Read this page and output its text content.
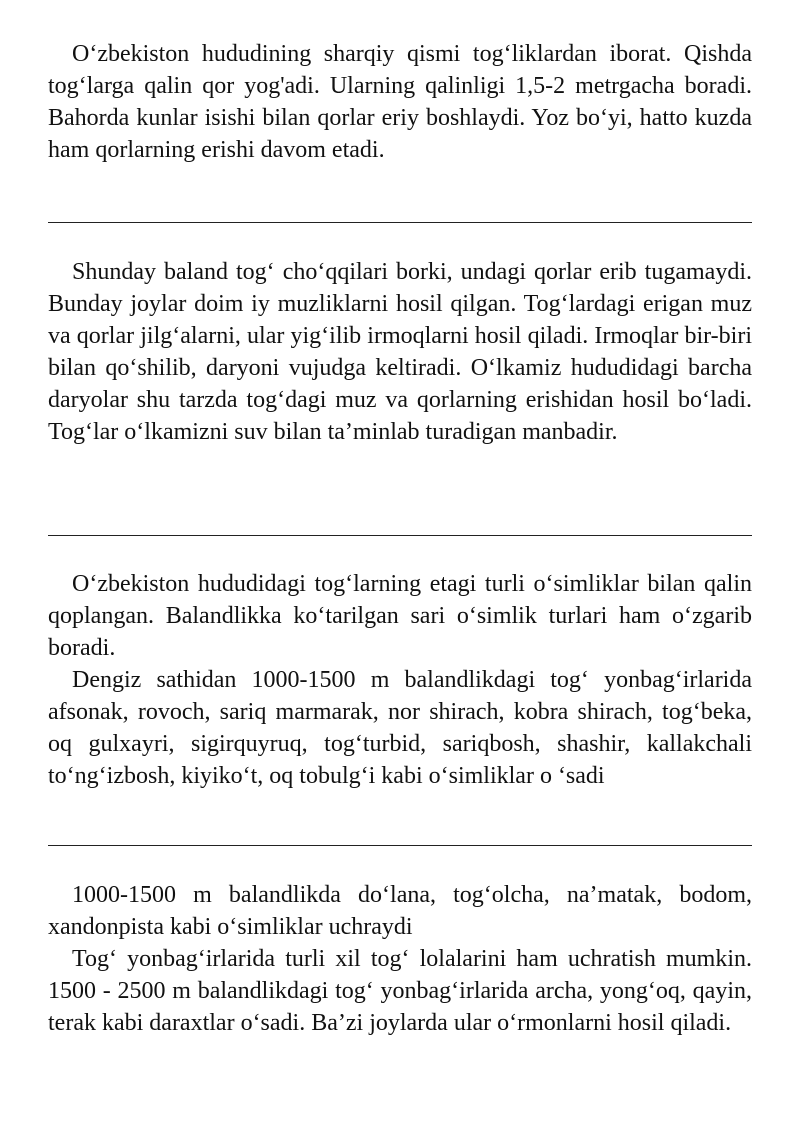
O‘zbekiston hududining sharqiy qismi tog‘liklardan iborat. Qishda tog‘larga qalin qor yog'adi. Ularning qalinligi 1,5-2 metrgacha boradi. Bahorda kunlar isishi bilan qorlar eriy boshlaydi. Yoz bo‘yi, hatto kuzda ham qorlarning erishi davom etadi.

Shunday baland tog‘ cho‘qqilari borki, undagi qorlar erib tugamaydi. Bunday joylar doim iy muzliklarni hosil qilgan. Tog‘lardagi erigan muz va qorlar jilg‘alarni, ular yig‘ilib irmoqlarni hosil qiladi. Irmoqlar bir-biri bilan qo‘shilib, daryoni vujudga keltiradi. O‘lkamiz hududidagi barcha daryolar shu tarzda tog‘dagi muz va qorlarning erishidan hosil bo‘ladi. Tog‘lar o‘lkamizni suv bilan ta’minlab turadigan manbadir.

O‘zbekiston hududidagi tog‘larning etagi turli o‘simliklar bilan qalin qoplangan. Balandlikka ko‘tarilgan sari o‘simlik turlari ham o‘zgarib boradi.

Dengiz sathidan 1000-1500 m balandlikdagi tog‘ yonbag‘irlarida afsonak, rovoch, sariq marmarak, nor shirach, kobra shirach, tog‘beka, oq gulxayri, sigirquyruq, tog‘turbid, sariqbosh, shashir, kallakchali to‘ng‘izbosh, kiyiko‘t, oq tobulg‘i kabi o‘simliklar o ‘sadi

1000-1500 m balandlikda do‘lana, tog‘olcha, na’matak, bodom, xandonpista kabi o‘simliklar uchraydi

Tog‘ yonbag‘irlarida turli xil tog‘ lolalarini ham uchratish mumkin. 1500 - 2500 m balandlikdagi tog‘ yonbag‘irlarida archa, yong‘oq, qayin, terak kabi daraxtlar o‘sadi. Ba’zi joylarda ular o‘rmonlarni hosil qiladi.
